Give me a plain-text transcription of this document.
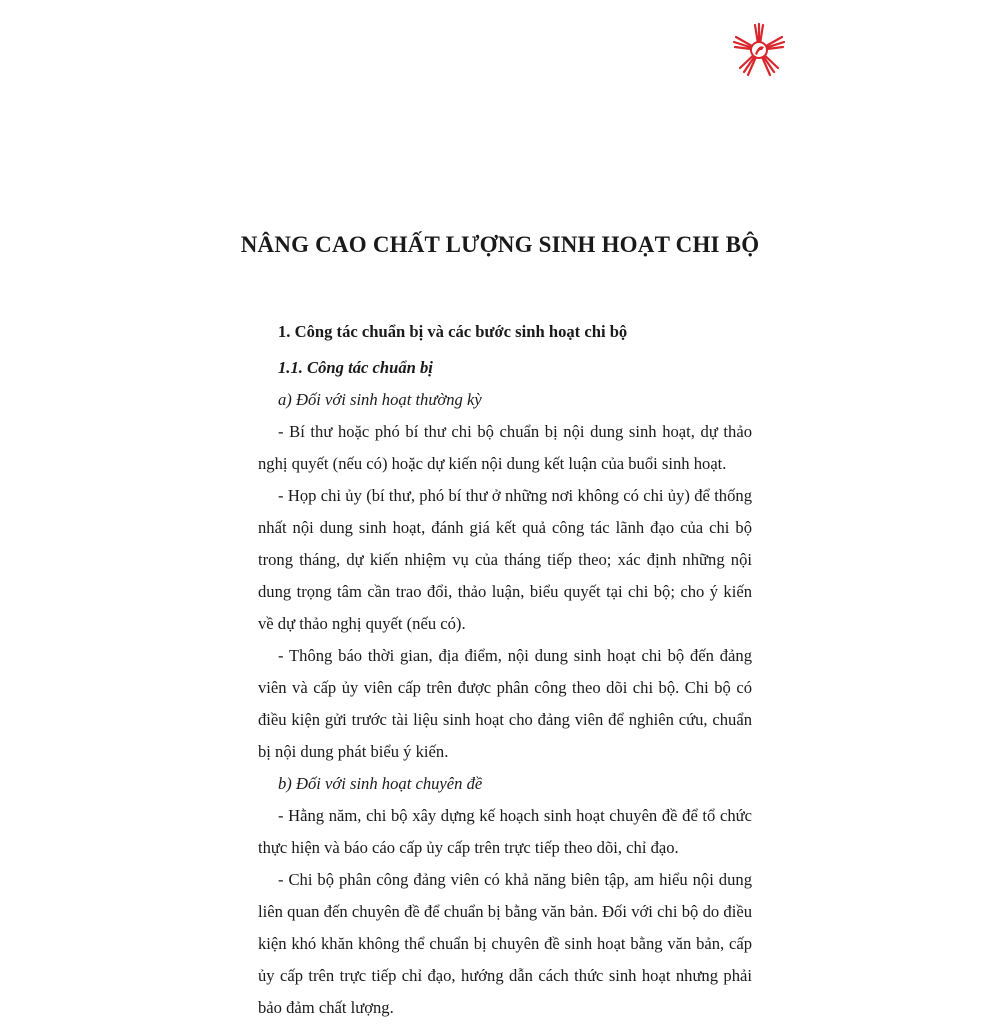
NÂNG CAO CHẤT LƯỢNG SINH HOẠT CHI BỘ

1. Công tác chuẩn bị và các bước sinh hoạt chi bộ

1.1. Công tác chuẩn bị

a) Đối với sinh hoạt thường kỳ

- Bí thư hoặc phó bí thư chi bộ chuẩn bị nội dung sinh hoạt, dự thảo nghị quyết (nếu có) hoặc dự kiến nội dung kết luận của buổi sinh hoạt.

- Họp chi ủy (bí thư, phó bí thư ở những nơi không có chi ủy) để thống nhất nội dung sinh hoạt, đánh giá kết quả công tác lãnh đạo của chi bộ trong tháng, dự kiến nhiệm vụ của tháng tiếp theo; xác định những nội dung trọng tâm cần trao đổi, thảo luận, biểu quyết tại chi bộ; cho ý kiến về dự thảo nghị quyết (nếu có).

- Thông báo thời gian, địa điểm, nội dung sinh hoạt chi bộ đến đảng viên và cấp ủy viên cấp trên được phân công theo dõi chi bộ. Chi bộ có điều kiện gửi trước tài liệu sinh hoạt cho đảng viên để nghiên cứu, chuẩn bị nội dung phát biểu ý kiến.

b) Đối với sinh hoạt chuyên đề

- Hằng năm, chi bộ xây dựng kế hoạch sinh hoạt chuyên đề để tổ chức thực hiện và báo cáo cấp ủy cấp trên trực tiếp theo dõi, chỉ đạo.

- Chi bộ phân công đảng viên có khả năng biên tập, am hiểu nội dung liên quan đến chuyên đề để chuẩn bị bằng văn bản. Đối với chi bộ do điều kiện khó khăn không thể chuẩn bị chuyên đề sinh hoạt bằng văn bản, cấp ủy cấp trên trực tiếp chỉ đạo, hướng dẫn cách thức sinh hoạt nhưng phải bảo đảm chất lượng.
